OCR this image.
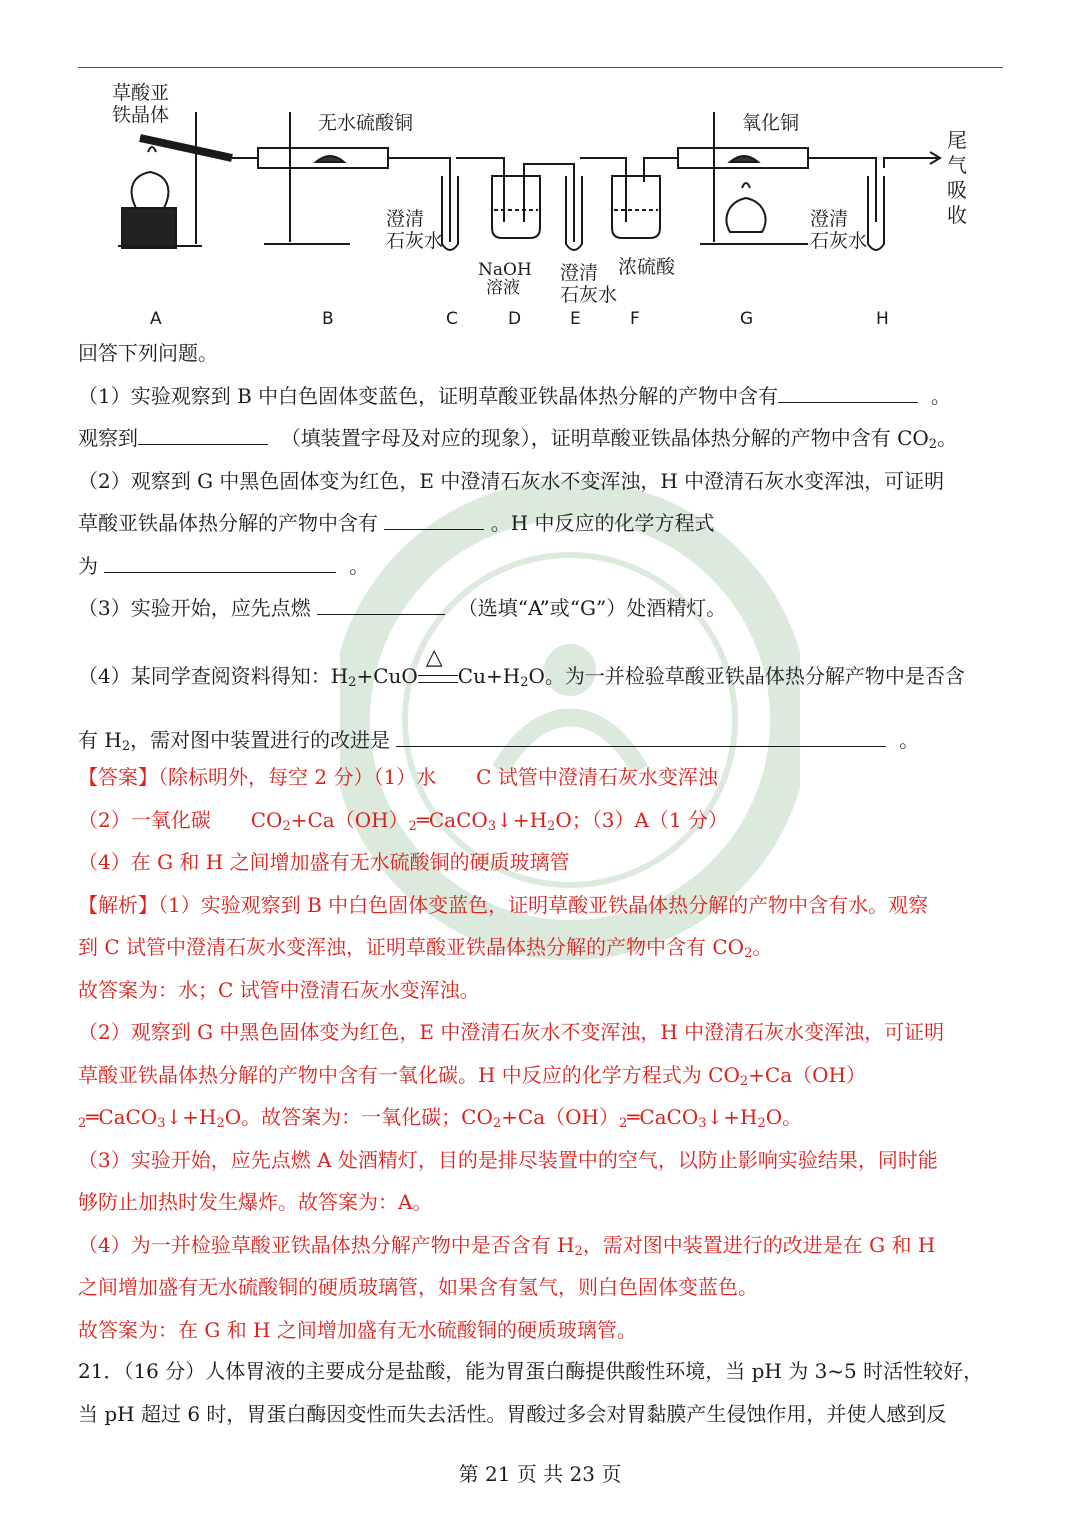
草酸亚
铁晶体	无水硫酸铜
澄清
石灰水
NaOH
溶液
澄清
石灰水
浓硫酸
氧化铜
澄清
石灰水
尾气吸收
A	B	C	D	E	F	G	H
回答下列问题。
（1）实验观察到 B 中白色固体变蓝色，证明草酸亚铁晶体热分解的产物中含有	。
观察到	（填装置字母及对应的现象），证明草酸亚铁晶体热分解的产物中含有 $CO_2$。
（2）观察到 G 中黑色固体变为红色，E 中澄清石灰水不变浑浊，H 中澄清石灰水变浑浊，可证明
草酸亚铁晶体热分解的产物中含有	。H 中反应的化学方程式
为	。
（3）实验开始，应先点燃	（选填“A”或“G”）处酒精灯。
（4）某同学查阅资料得知：$H_2+CuO$
△
$Cu+H_2O$。为一并检验草酸亚铁晶体热分解产物中是否含
有 $H_2$，需对图中装置进行的改进是	。
【答案】（除标明外，每空 2 分）（1）水　　C 试管中澄清石灰水变浑浊
（2）一氧化碳　　$CO_2+Ca(OH)_2═CaCO_3↓+H_2O$；（3）A（1 分）
（4）在 G 和 H 之间增加盛有无水硫酸铜的硬质玻璃管
【解析】（1）实验观察到 B 中白色固体变蓝色，证明草酸亚铁晶体热分解的产物中含有水。观察
到 C 试管中澄清石灰水变浑浊，证明草酸亚铁晶体热分解的产物中含有 $CO_2$。
故答案为：水；C 试管中澄清石灰水变浑浊。
（2）观察到 G 中黑色固体变为红色，E 中澄清石灰水不变浑浊，H 中澄清石灰水变浑浊，可证明
草酸亚铁晶体热分解的产物中含有一氧化碳。H 中反应的化学方程式为 $CO_2+Ca(OH)$
$_2═CaCO_3↓+H_2O$。故答案为：一氧化碳；$CO_2+Ca(OH)_2═CaCO_3↓+H_2O$。
（3）实验开始，应先点燃 A 处酒精灯，目的是排尽装置中的空气，以防止影响实验结果，同时能
够防止加热时发生爆炸。故答案为：A。
（4）为一并检验草酸亚铁晶体热分解产物中是否含有 $H_2$，需对图中装置进行的改进是在 G 和 H
之间增加盛有无水硫酸铜的硬质玻璃管，如果含有氢气，则白色固体变蓝色。
故答案为：在 G 和 H 之间增加盛有无水硫酸铜的硬质玻璃管。
21．（16 分）人体胃液的主要成分是盐酸，能为胃蛋白酶提供酸性环境，当 pH 为 3~5 时活性较好，
当 pH 超过 6 时，胃蛋白酶因变性而失去活性。胃酸过多会对胃黏膜产生侵蚀作用，并使人感到反
第 21 页 共 23 页
